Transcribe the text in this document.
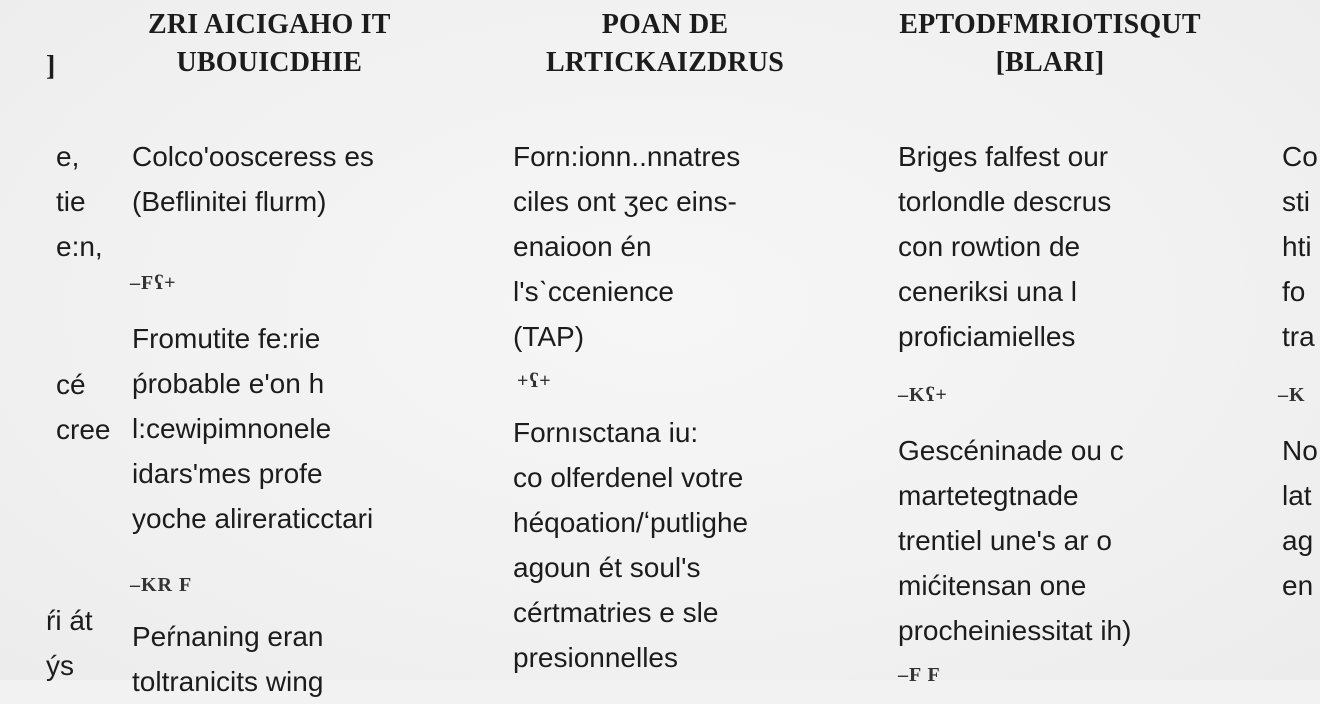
]
e,
tie
e:n,
cé
cree
ŕi át
ýs
ZRI AICIGAHO IT
UBOUICDHIE
Colco'oosceress es
(Beflinitei flurm)
–Fʕ+
Fromutite fe:rie
ṕrobable e'on h
l:cewipimnonele
idars'mes profe
yoche alireraticctari
–KR F
Peŕnaning eran
toltranicits wing
POAN DE
LRTICKAIZDRUS
Forn:ionn..nnatres
ciles ont ʒec eins-
enaioon én
l'sˋccenience
(TAP)
+ʕ+
Fornısctana iu:
co olferdenel votre
héqoation/ʻputlighe
agoun ét soul's
cértmatries e sle
presionnelles
EPTODFMRIOTISQUT
[BLARI]
Briges falfest our
torlondle descrus
con rowtion de
ceneriksi una l
proficiamielles
–Kʕ+
Gescéninade ou c
martetegtnade
trentiel une's ar o
mićitensan one
procheiniessitat ih)
–F F
Co
sti
hti
fo
tra
–K
No
lat
ag
en
